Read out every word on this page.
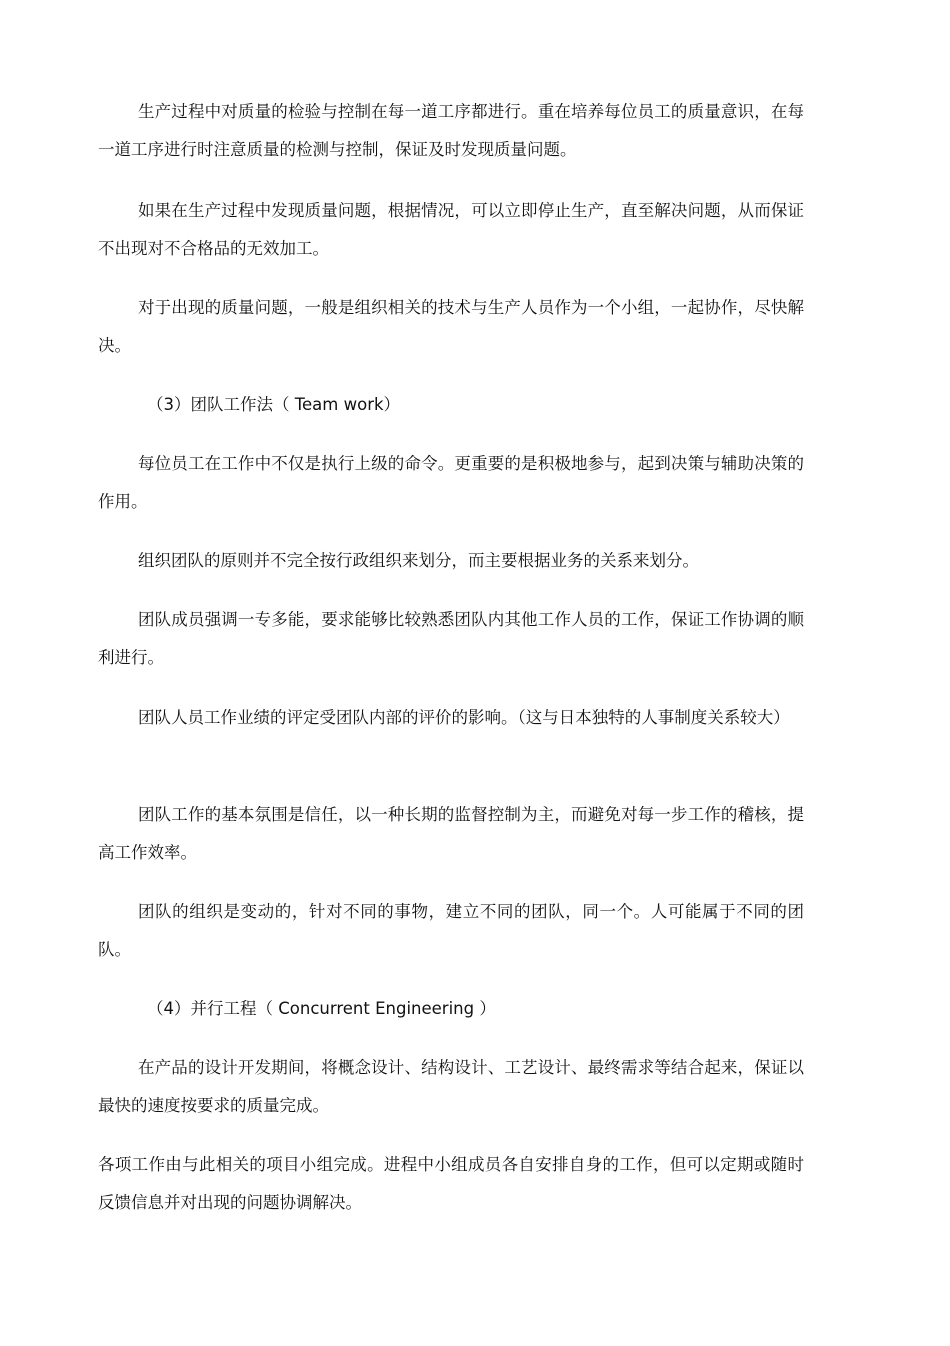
生产过程中对质量的检验与控制在每一道工序都进行。重在培养每位员工的质量意识，在每一道工序进行时注意质量的检测与控制，保证及时发现质量问题。

如果在生产过程中发现质量问题，根据情况，可以立即停止生产，直至解决问题，从而保证不出现对不合格品的无效加工。

对于出现的质量问题，一般是组织相关的技术与生产人员作为一个小组，一起协作，尽快解决。

（3）团队工作法（ Team work）

每位员工在工作中不仅是执行上级的命令。更重要的是积极地参与，起到决策与辅助决策的作用。

组织团队的原则并不完全按行政组织来划分，而主要根据业务的关系来划分。

团队成员强调一专多能，要求能够比较熟悉团队内其他工作人员的工作，保证工作协调的顺利进行。

团队人员工作业绩的评定受团队内部的评价的影响。（这与日本独特的人事制度关系较大）

团队工作的基本氛围是信任，以一种长期的监督控制为主，而避免对每一步工作的稽核，提高工作效率。

团队的组织是变动的，针对不同的事物，建立不同的团队，同一个。人可能属于不同的团队。

（4）并行工程（ Concurrent Engineering ）

在产品的设计开发期间，将概念设计、结构设计、工艺设计、最终需求等结合起来，保证以最快的速度按要求的质量完成。

各项工作由与此相关的项目小组完成。进程中小组成员各自安排自身的工作，但可以定期或随时反馈信息并对出现的问题协调解决。
